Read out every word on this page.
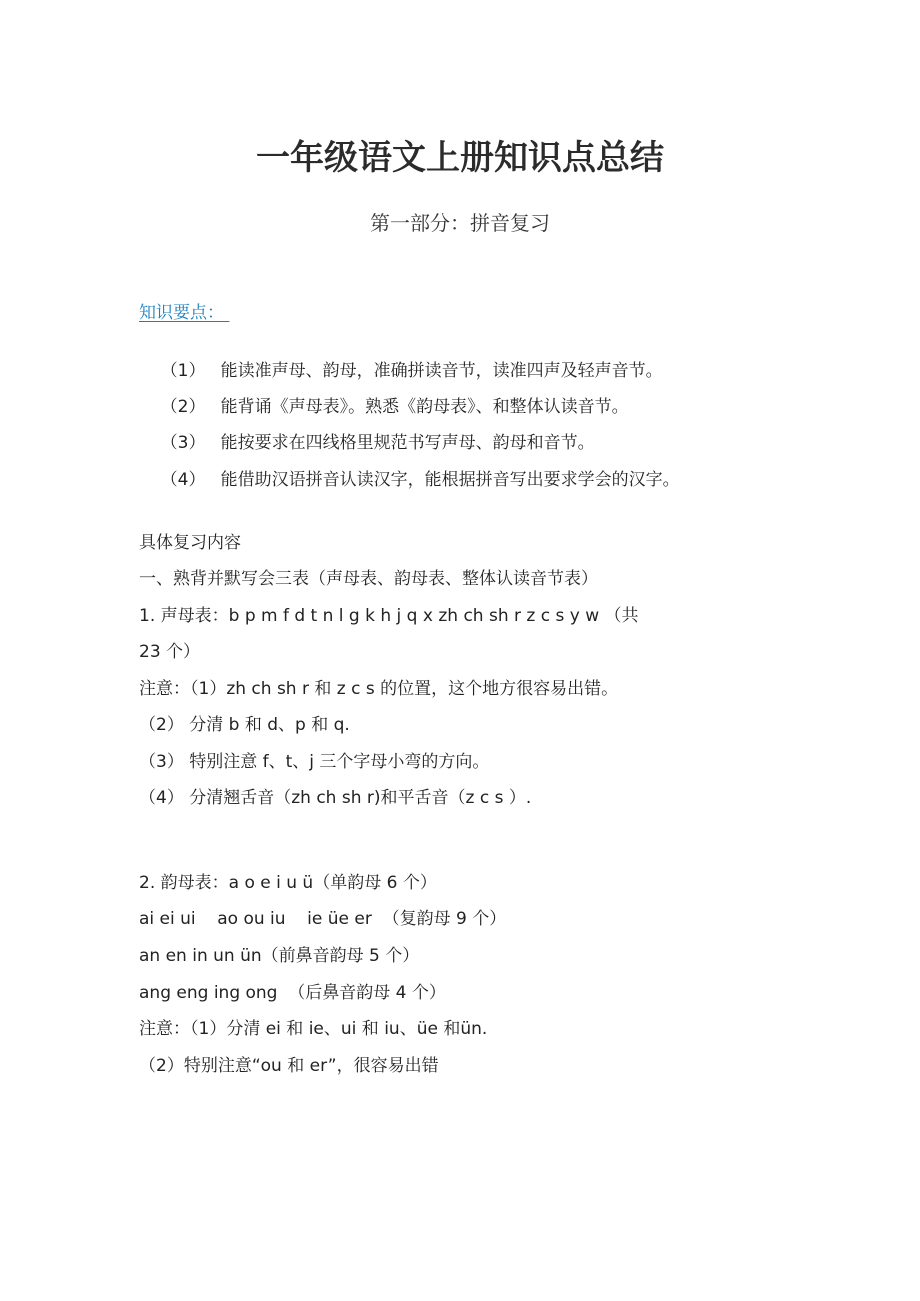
一年级语文上册知识点总结
第一部分：拼音复习
知识要点：

（1） 能读准声母、韵母，准确拼读音节，读准四声及轻声音节。

（2） 能背诵《声母表》。熟悉《韵母表》、和整体认读音节。

（3） 能按要求在四线格里规范书写声母、韵母和音节。

（4） 能借助汉语拼音认读汉字，能根据拼音写出要求学会的汉字。

具体复习内容
一、熟背并默写会三表（声母表、韵母表、整体认读音节表）
1. 声母表：b p m f d t n l g k h j q x zh ch sh r z c s y w （共
23 个）
注意：（1）zh ch sh r 和 z c s 的位置，这个地方很容易出错。
（2） 分清 b 和 d、p 和 q.
（3） 特别注意 f、t、j 三个字母小弯的方向。
（4） 分清翘舌音（zh ch sh r)和平舌音（z c s ）.
2. 韵母表：a o e i u ü（单韵母 6 个）
ai ei ui    ao ou iu    ie üe er  （复韵母 9 个）
an en in un ün（前鼻音韵母 5 个）
ang eng ing ong  （后鼻音韵母 4 个）
注意：（1）分清 ei 和 ie、ui 和 iu、üe 和ün.
（2）特别注意“ou 和 er”，很容易出错
